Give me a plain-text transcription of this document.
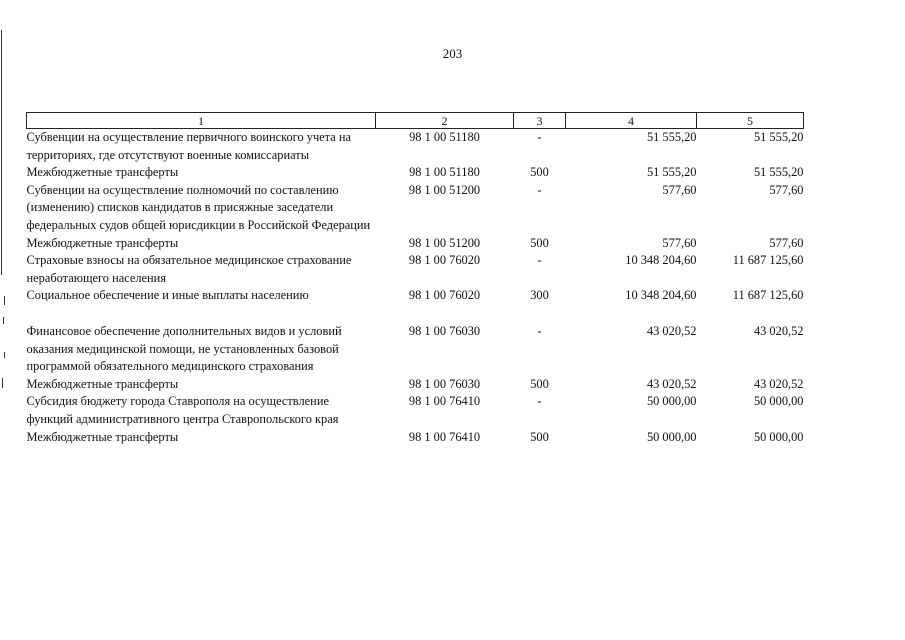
203
1	2	3	4	5
Субвенции на осуществление первичного воинского учета на территориях, где отсутствуют военные комиссариаты	98 1 00 51180	-	51 555,20	51 555,20
Межбюджетные трансферты	98 1 00 51180	500	51 555,20	51 555,20
Субвенции на осуществление полномочий по составлению (изменению) списков кандидатов в присяжные заседатели федеральных судов общей юрисдикции в Российской Федерации	98 1 00 51200	-	577,60	577,60
Межбюджетные трансферты	98 1 00 51200	500	577,60	577,60
Страховые взносы на обязательное медицинское страхование неработающего населения	98 1 00 76020	-	10 348 204,60	11 687 125,60
Социальное обеспечение и иные выплаты населению	98 1 00 76020	300	10 348 204,60	11 687 125,60

Финансовое обеспечение дополнительных видов и условий оказания медицинской помощи, не установленных базовой программой обязательного медицинского страхования	98 1 00 76030	-	43 020,52	43 020,52
Межбюджетные трансферты	98 1 00 76030	500	43 020,52	43 020,52
Субсидия бюджету города Ставрополя на осуществление функций административного центра Ставропольского края	98 1 00 76410	-	50 000,00	50 000,00
Межбюджетные трансферты	98 1 00 76410	500	50 000,00	50 000,00
